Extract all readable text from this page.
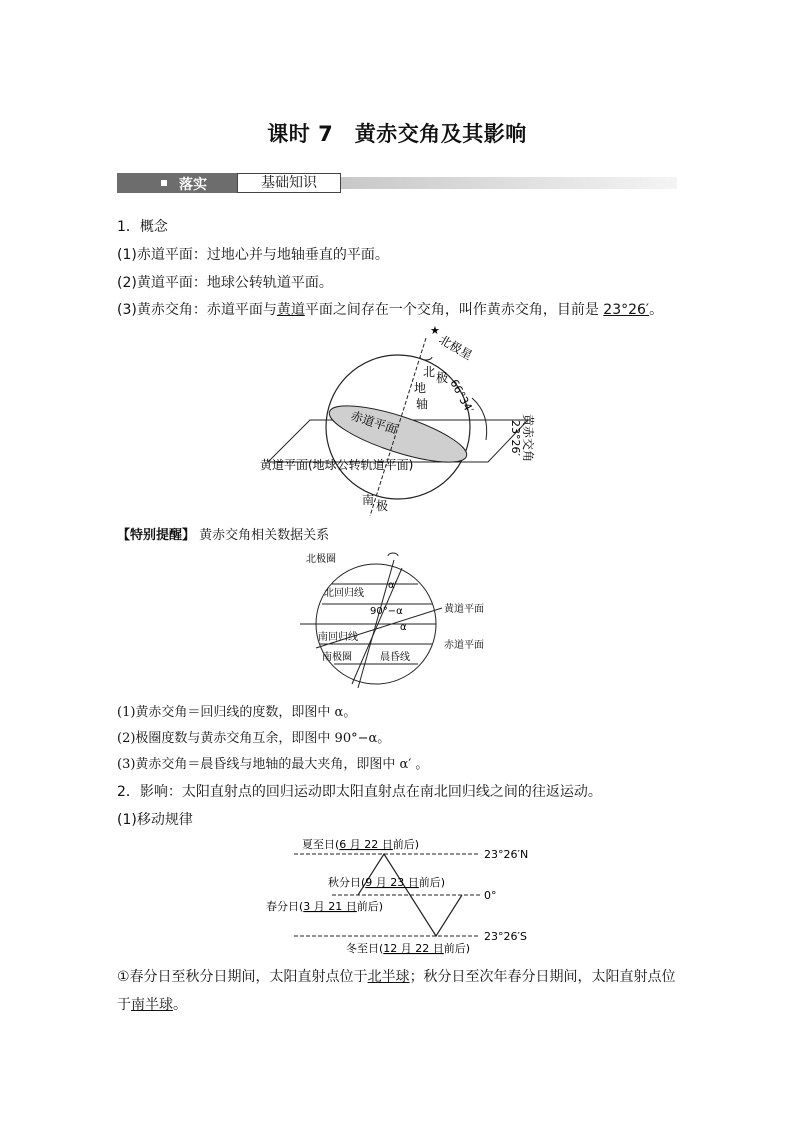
课时 7　黄赤交角及其影响
落实	基础知识
1．概念
(1)赤道平面：过地心并与地轴垂直的平面。
(2)黄道平面：地球公转轨道平面。
(3)黄赤交角：赤道平面与黄道平面之间存在一个交角，叫作黄赤交角，目前是 23°26′。
★
北极星
北 极 66°34′
地
轴
赤道平面
黄道平面(地球公转轨道平面)
23°26′ 黄赤交角
南 极
【特别提醒】 黄赤交角相关数据关系
北极圈
北回归线
南回归线
南极圈	晨昏线
黄道平面
赤道平面
α
α′
90°−α
(1)黄赤交角＝回归线的度数，即图中 α。
(2)极圈度数与黄赤交角互余，即图中 90°−α。
(3)黄赤交角＝晨昏线与地轴的最大夹角，即图中 α′ 。
2．影响：太阳直射点的回归运动即太阳直射点在南北回归线之间的往返运动。
(1)移动规律
夏至日(6 月 22 日前后)
秋分日(9 月 23 日前后)
春分日(3 月 21 日前后)
冬至日(12 月 22 日前后)
23°26′N
0°
23°26′S
①春分日至秋分日期间，太阳直射点位于北半球；秋分日至次年春分日期间，太阳直射点位
于南半球。
